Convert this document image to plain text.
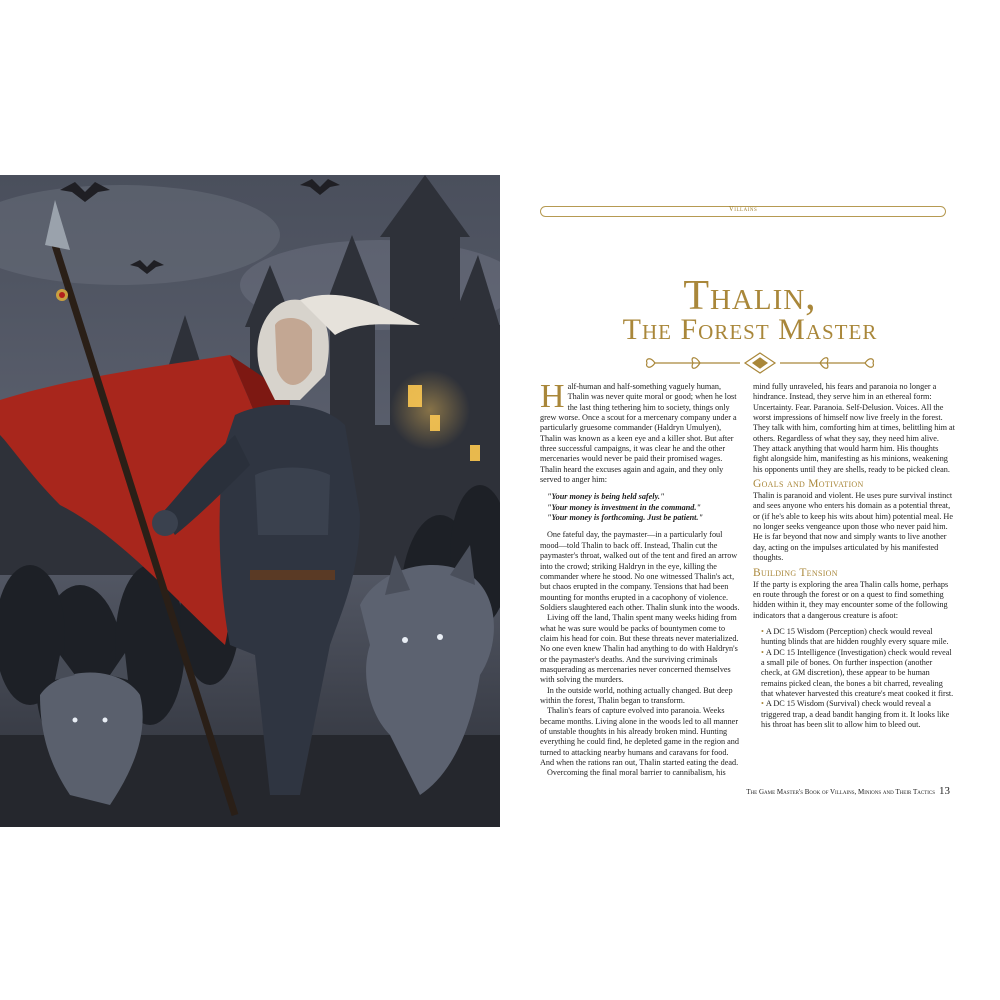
Villains
Thalin,
The Forest Master

Half-human and half-something vaguely human, Thalin was never quite moral or good; when he lost the last thing tethering him to society, things only grew worse. Once a scout for a mercenary company under a particularly gruesome commander (Haldryn Umulyen), Thalin was known as a keen eye and a killer shot. But after three successful campaigns, it was clear he and the other mercenaries would never be paid their promised wages. Thalin heard the excuses again and again, and they only served to anger him:

"Your money is being held safely."
"Your money is investment in the command."
"Your money is forthcoming. Just be patient."

One fateful day, the paymaster—in a particularly foul mood—told Thalin to back off. Instead, Thalin cut the paymaster's throat, walked out of the tent and fired an arrow into the crowd; striking Haldryn in the eye, killing the commander where he stood. No one witnessed Thalin's act, but chaos erupted in the company. Tensions that had been mounting for months erupted in a cacophony of violence. Soldiers slaughtered each other. Thalin slunk into the woods.

Living off the land, Thalin spent many weeks hiding from what he was sure would be packs of bountymen come to claim his head for coin. But these threats never materialized. No one even knew Thalin had anything to do with Haldryn's or the paymaster's deaths. And the surviving criminals masquerading as mercenaries never concerned themselves with solving the murders.

In the outside world, nothing actually changed. But deep within the forest, Thalin began to transform.

Thalin's fears of capture evolved into paranoia. Weeks became months. Living alone in the woods led to all manner of unstable thoughts in his already broken mind. Hunting everything he could find, he depleted game in the region and turned to attacking nearby humans and caravans for food. And when the rations ran out, Thalin started eating the dead.

Overcoming the final moral barrier to cannibalism, his

mind fully unraveled, his fears and paranoia no longer a hindrance. Instead, they serve him in an ethereal form: Uncertainty. Fear. Paranoia. Self-Delusion. Voices. All the worst impressions of himself now live freely in the forest. They talk with him, comforting him at times, belittling him at others. Regardless of what they say, they need him alive. They attack anything that would harm him. His thoughts fight alongside him, manifesting as his minions, weakening his opponents until they are shells, ready to be picked clean.

Goals and Motivation

Thalin is paranoid and violent. He uses pure survival instinct and sees anyone who enters his domain as a potential threat, or (if he's able to keep his wits about him) potential meal. He no longer seeks vengeance upon those who never paid him. He is far beyond that now and simply wants to live another day, acting on the impulses articulated by his manifested thoughts.

Building Tension

If the party is exploring the area Thalin calls home, perhaps en route through the forest or on a quest to find something hidden within it, they may encounter some of the following indicators that a dangerous creature is afoot:

• A DC 15 Wisdom (Perception) check would reveal hunting blinds that are hidden roughly every square mile.
• A DC 15 Intelligence (Investigation) check would reveal a small pile of bones. On further inspection (another check, at GM discretion), these appear to be human remains picked clean, the bones a bit charred, revealing that whatever harvested this creature's meat cooked it first.
• A DC 15 Wisdom (Survival) check would reveal a triggered trap, a dead bandit hanging from it. It looks like his throat has been slit to allow him to bleed out.
The Game Master's Book of Villains, Minions and Their Tactics 13
